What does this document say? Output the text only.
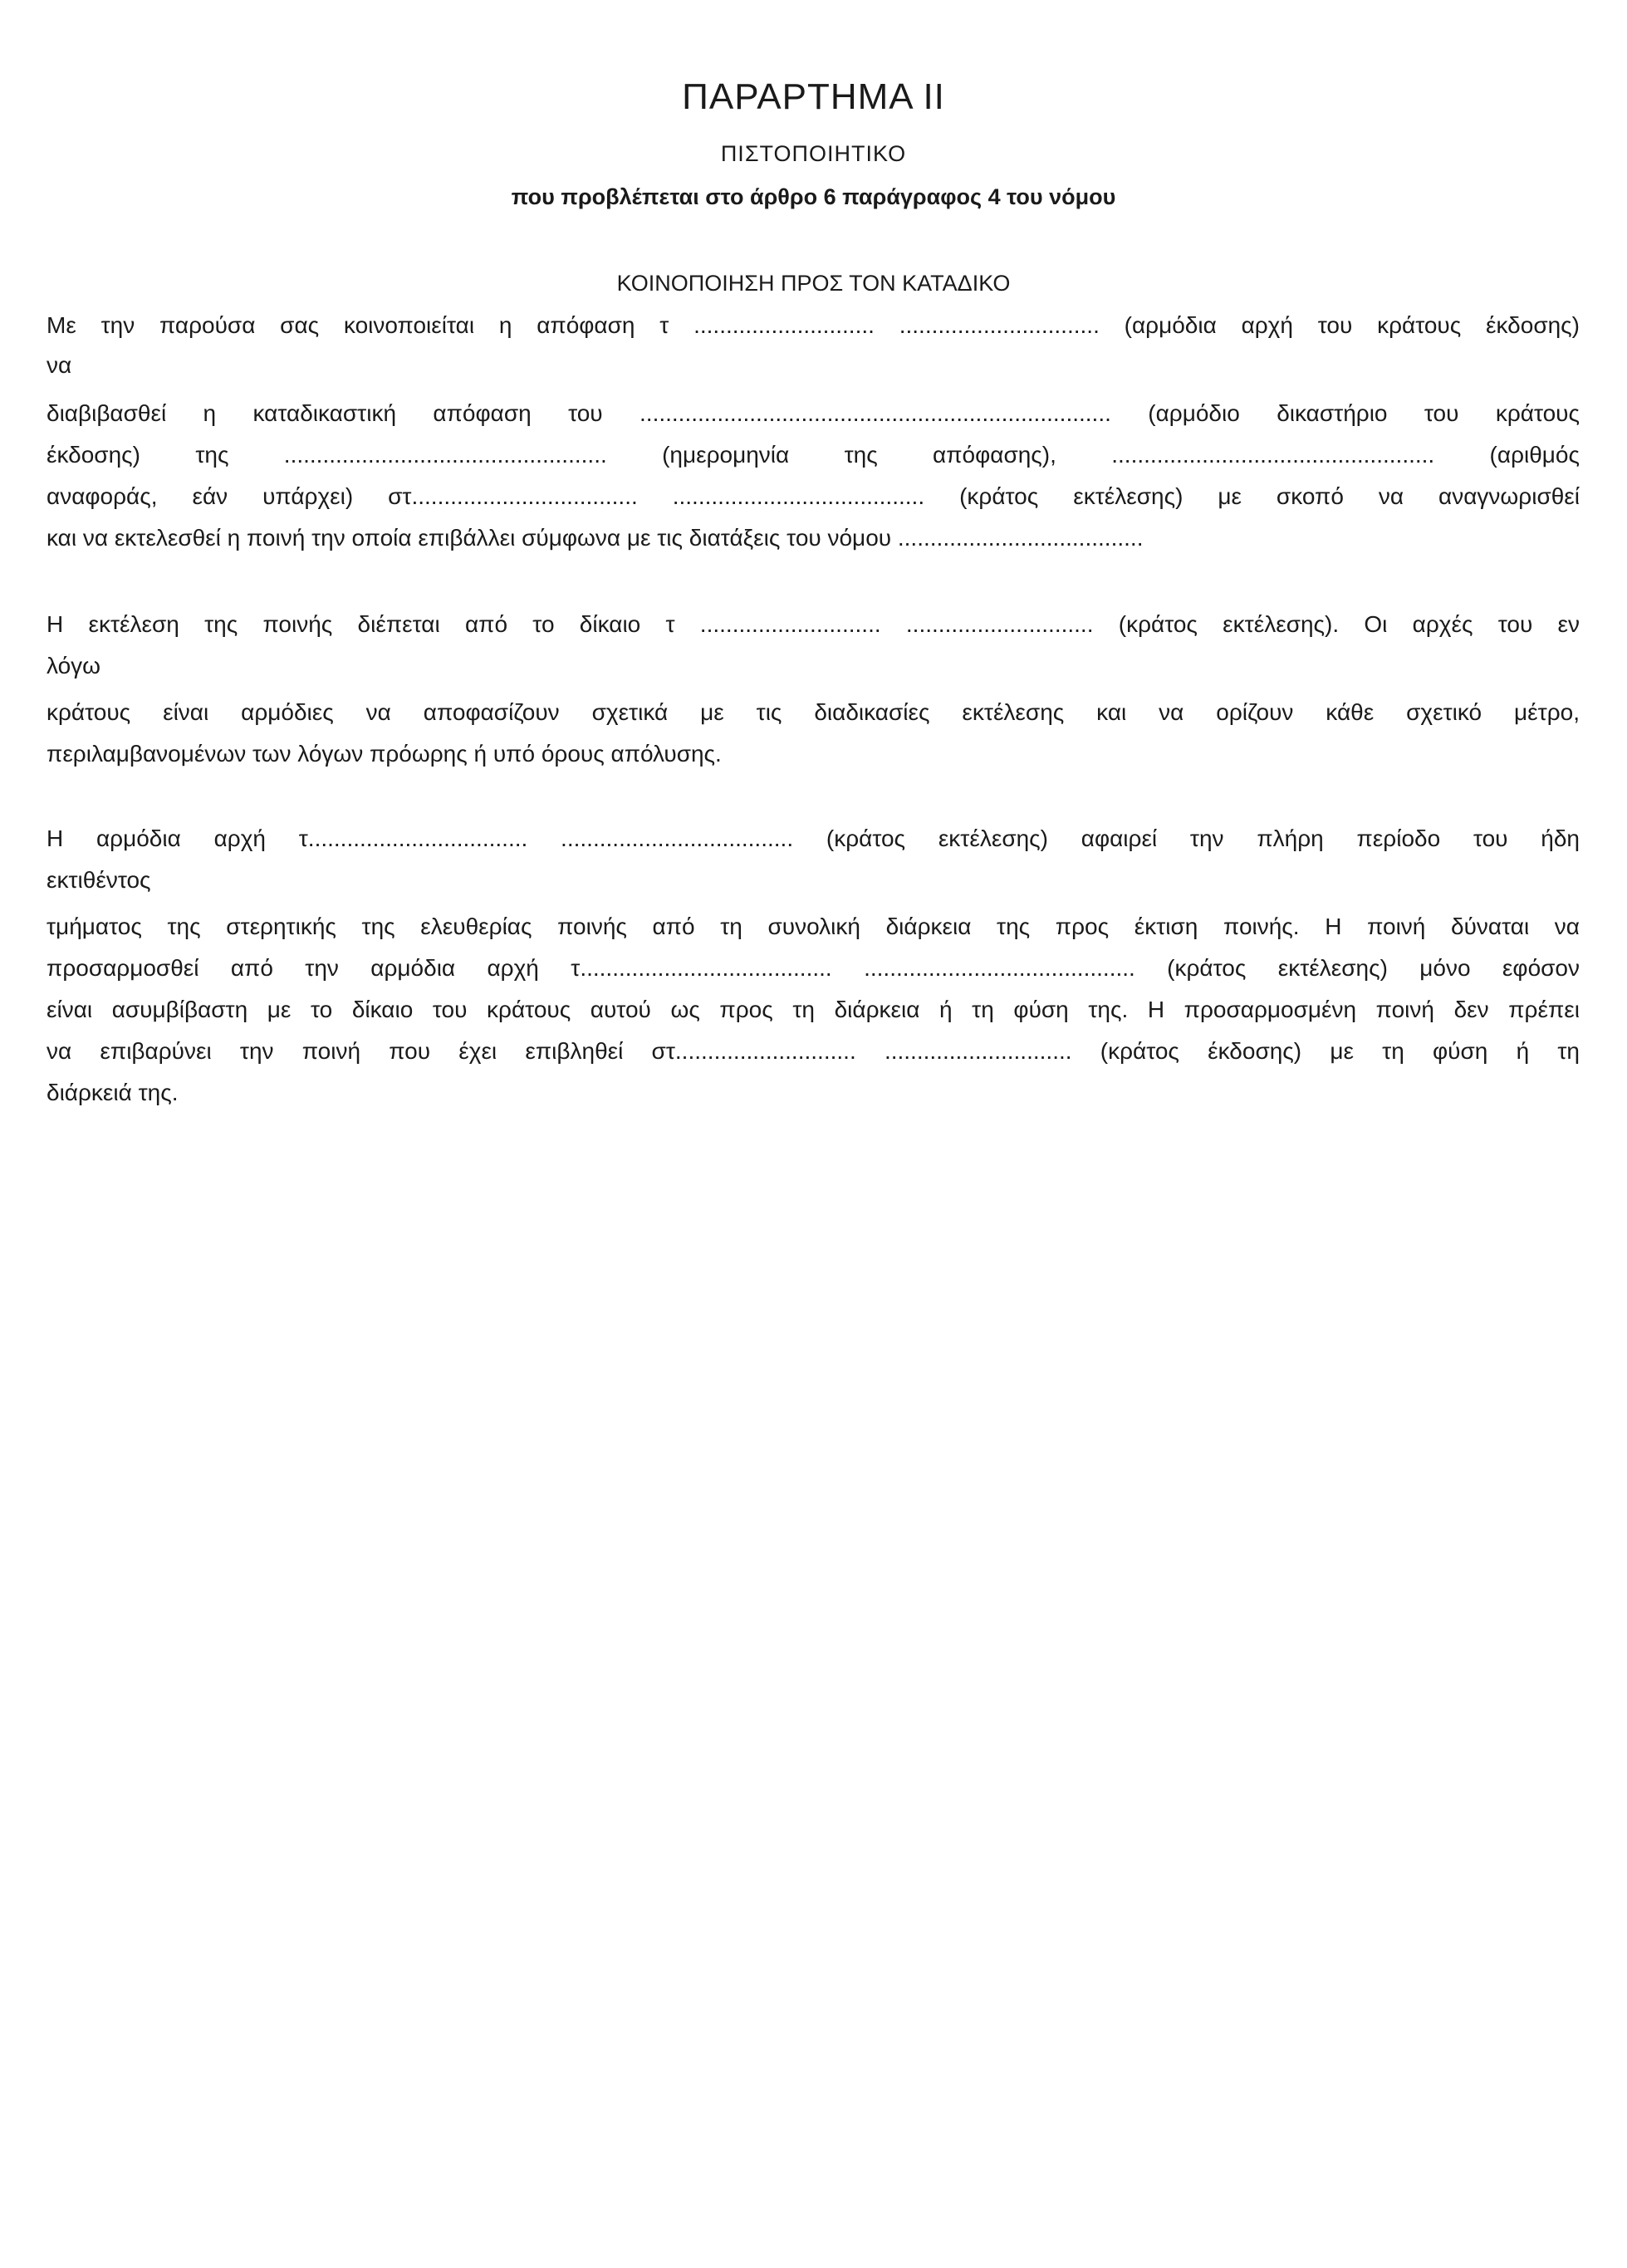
ΠΑΡΑΡΤΗΜΑ ΙΙ
ΠΙΣΤΟΠΟΙΗΤΙΚΟ
που προβλέπεται στο άρθρο 6 παράγραφος 4 του νόμου
ΚΟΙΝΟΠΟΙΗΣΗ ΠΡΟΣ ΤΟΝ ΚΑΤΑΔΙΚΟ
Με την παρούσα σας κοινοποιείται η απόφαση τ ............................ ............................... (αρμόδια αρχή του κράτους έκδοσης)
να
διαβιβασθεί η καταδικαστική απόφαση του ......................................................................... (αρμόδιο δικαστήριο του κράτους
έκδοσης) της .................................................. (ημερομηνία της απόφασης), .................................................. (αριθμός
αναφοράς, εάν υπάρχει) στ................................... ....................................... (κράτος εκτέλεσης) με σκοπό να αναγνωρισθεί
και να εκτελεσθεί η ποινή την οποία επιβάλλει σύμφωνα με τις διατάξεις του νόμου ......................................
Η εκτέλεση της ποινής διέπεται από το δίκαιο τ ............................ ............................. (κράτος εκτέλεσης). Οι αρχές του εν
λόγω
κράτους είναι αρμόδιες να αποφασίζουν σχετικά με τις διαδικασίες εκτέλεσης και να ορίζουν κάθε σχετικό μέτρο,
περιλαμβανομένων των λόγων πρόωρης ή υπό όρους απόλυσης.
Η αρμόδια αρχή τ.................................. .................................... (κράτος εκτέλεσης) αφαιρεί την πλήρη περίοδο του ήδη
εκτιθέντος
τμήματος της στερητικής της ελευθερίας ποινής από τη συνολική διάρκεια της προς έκτιση ποινής. Η ποινή δύναται να
προσαρμοσθεί από την αρμόδια αρχή τ....................................... .......................................... (κράτος εκτέλεσης) μόνο εφόσον
είναι ασυμβίβαστη με το δίκαιο του κράτους αυτού ως προς τη διάρκεια ή τη φύση της. Η προσαρμοσμένη ποινή δεν πρέπει
να επιβαρύνει την ποινή που έχει επιβληθεί στ............................ ............................. (κράτος έκδοσης) με τη φύση ή τη
διάρκειά της.
